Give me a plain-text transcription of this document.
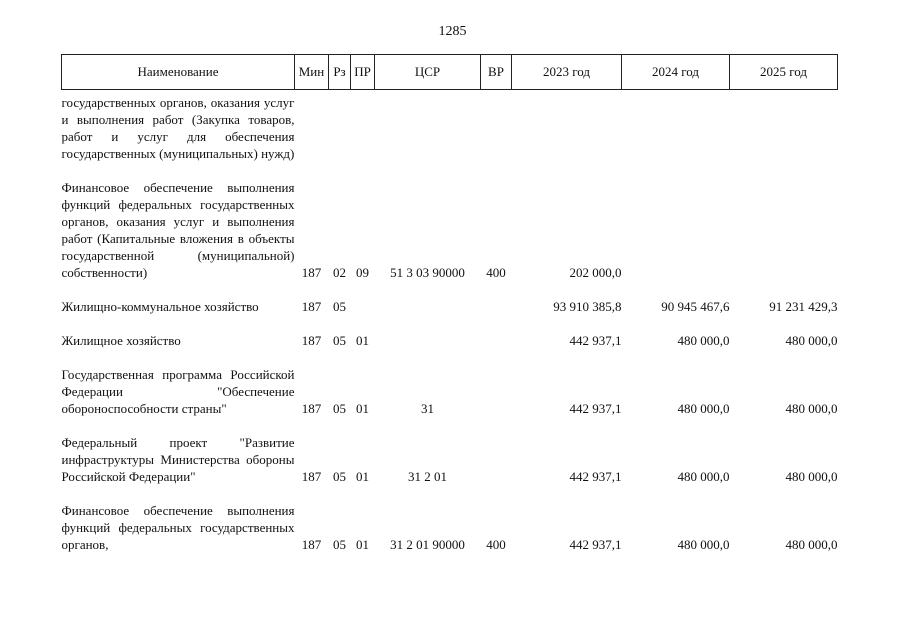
1285
Наименование	Мин	Рз	ПР	ЦСР	ВР	2023 год	2024 год	2025 год
государственных органов, оказания услуг и выполнения работ (Закупка товаров, работ и услуг для обеспечения государственных (муниципальных) нужд)								
Финансовое обеспечение выполнения функций федеральных государственных органов, оказания услуг и выполнения работ (Капитальные вложения в объекты государственной (муниципальной) собственности)	187	02	09	51 3 03 90000	400	202 000,0		
Жилищно-коммунальное хозяйство	187	05				93 910 385,8	90 945 467,6	91 231 429,3
Жилищное хозяйство	187	05	01			442 937,1	480 000,0	480 000,0
Государственная программа Российской Федерации "Обеспечение обороноспособности страны"	187	05	01	31		442 937,1	480 000,0	480 000,0
Федеральный проект "Развитие инфраструктуры Министерства обороны Российской Федерации"	187	05	01	31 2 01		442 937,1	480 000,0	480 000,0
Финансовое обеспечение выполнения функций федеральных государственных органов,	187	05	01	31 2 01 90000	400	442 937,1	480 000,0	480 000,0
